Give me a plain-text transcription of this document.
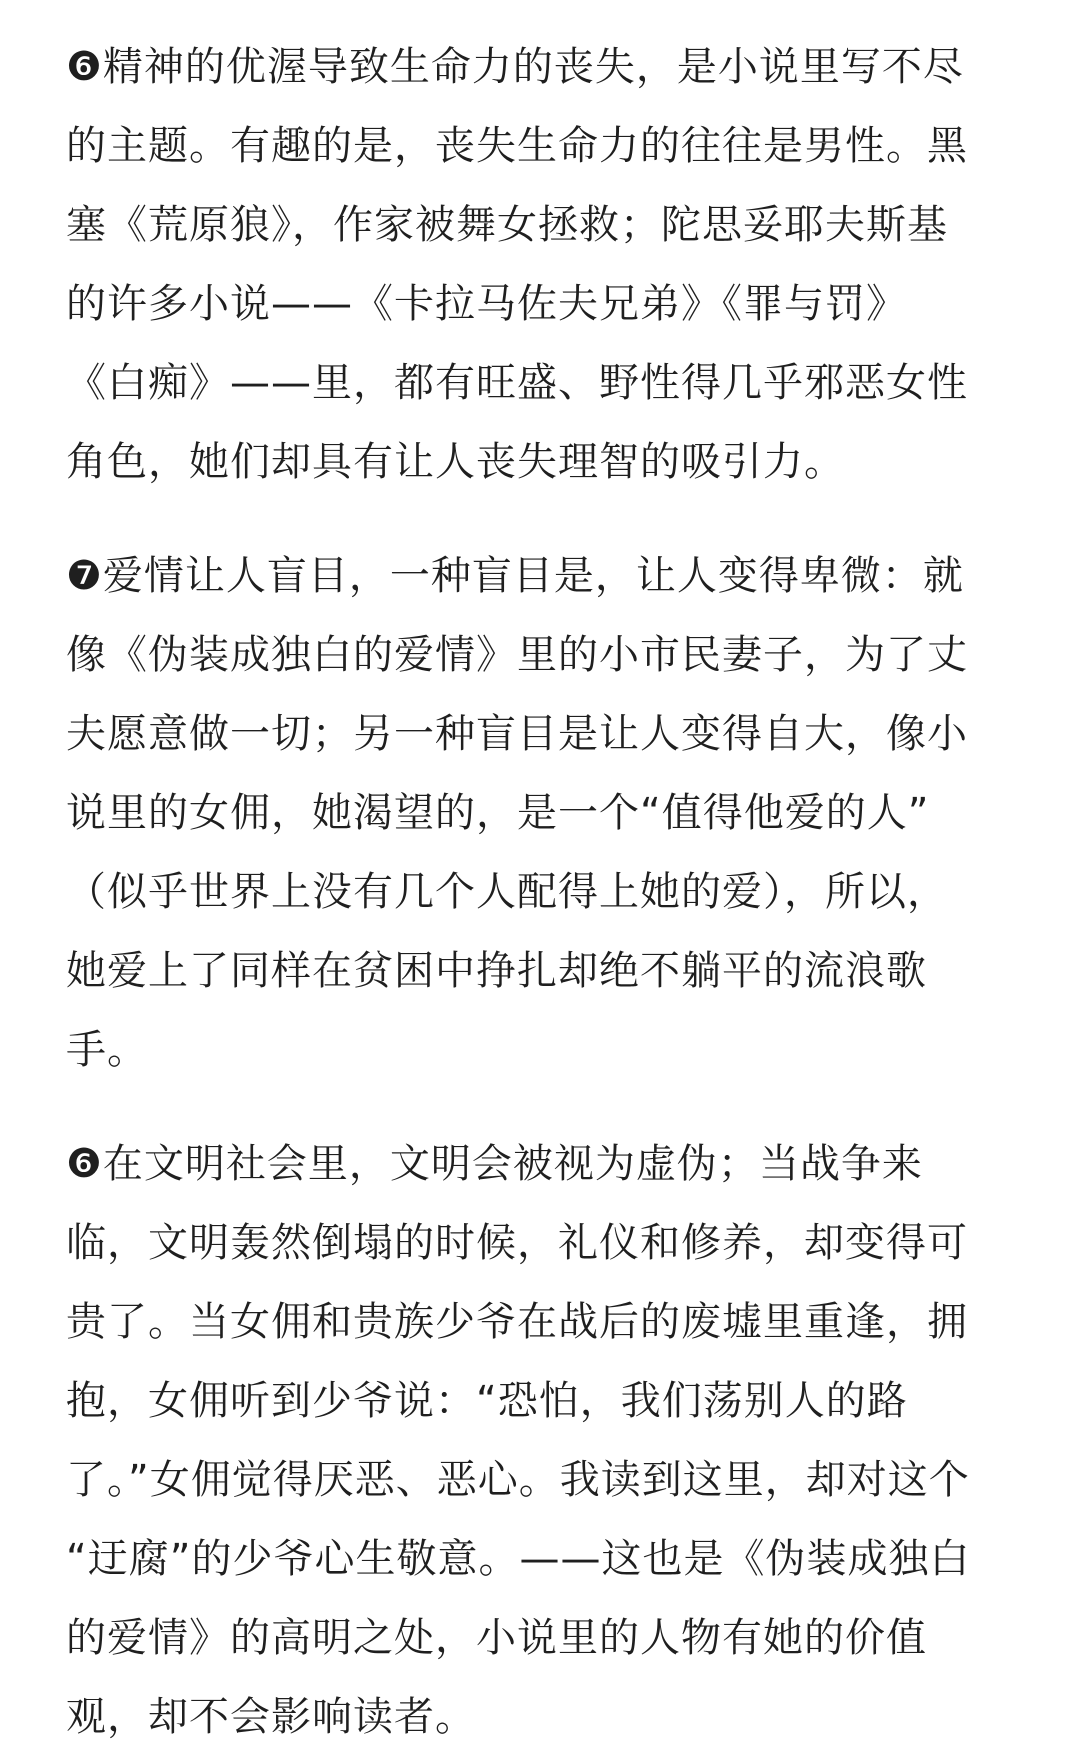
❻精神的优渥导致生命力的丧失，是小说里写不尽
的主题。有趣的是，丧失生命力的往往是男性。黑
塞《荒原狼》，作家被舞女拯救；陀思妥耶夫斯基
的许多小说——《卡拉马佐夫兄弟》《罪与罚》
《白痴》——里，都有旺盛、野性得几乎邪恶女性
角色，她们却具有让人丧失理智的吸引力。

❼爱情让人盲目，一种盲目是，让人变得卑微：就
像《伪装成独白的爱情》里的小市民妻子，为了丈
夫愿意做一切；另一种盲目是让人变得自大，像小
说里的女佣，她渴望的，是一个“值得他爱的人”
（似乎世界上没有几个人配得上她的爱），所以，
她爱上了同样在贫困中挣扎却绝不躺平的流浪歌
手。

❻在文明社会里，文明会被视为虚伪；当战争来
临，文明轰然倒塌的时候，礼仪和修养，却变得可
贵了。当女佣和贵族少爷在战后的废墟里重逢，拥
抱，女佣听到少爷说：“恐怕，我们荡别人的路
了。”女佣觉得厌恶、恶心。我读到这里，却对这个
“迂腐”的少爷心生敬意。——这也是《伪装成独白
的爱情》的高明之处，小说里的人物有她的价值
观，却不会影响读者。
